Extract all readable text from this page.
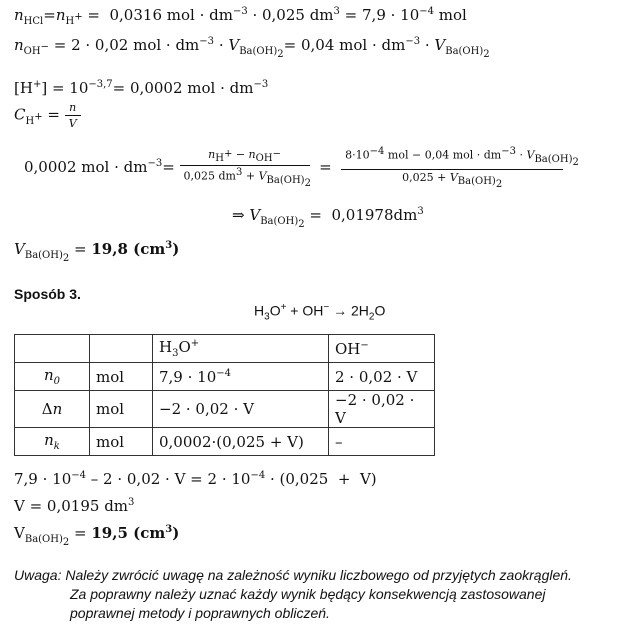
$n_{HCl}=n_{H^+} = 0,0316$ mol · $dm^{-3} \cdot 0,025$ $dm^3 = 7,9 \cdot 10^{-4}$ mol
$n_{OH^-} = 2 \cdot 0,02$ mol · $dm^{-3} \cdot V_{Ba(OH)_2}= 0,04$ mol · $dm^{-3} \cdot V_{Ba(OH)_2}$
$[H^+] = 10^{-3,7}= 0,0002$ mol · $dm^{-3}$
$C_{H^+} = \frac{n}{V}$
0,0002 mol · $dm^{-3}= \frac{n_{H^+} - n_{OH^-}}{0,025 dm^3 + V_{Ba(OH)_2}} = \frac{8\cdot 10^{-4} mol - 0,04 mol \cdot dm^{-3} \cdot V_{Ba(OH)_2}}{0,025 + V_{Ba(OH)_2}}$
⇒ $V_{Ba(OH)_2} = 0,01978dm^3$
$V_{Ba(OH)_2} = 19,8$ $(cm^3)$
Sposób 3.
$H_3O^+ + OH^- \to 2H_2O$
		$H_3O^+$	OH−
$n_0$	mol	$7,9 \cdot 10^{-4}$	2 · 0,02 · V
Δn	mol	−2 · 0,02 · V	−2 · 0,02 · V
$n_k$	mol	0,0002·(0,025 + V)	–
$7,9 \cdot 10^{-4} - 2 \cdot 0,02 \cdot V = 2 \cdot 10^{-4} \cdot (0,025 + V)$
V = 0,0195 $dm^3$
$V_{Ba(OH)_2} = 19,5$ $(cm^3)$
Uwaga: Należy zwrócić uwagę na zależność wyniku liczbowego od przyjętych zaokrągleń.
Za poprawny należy uznać każdy wynik będący konsekwencją zastosowanej
poprawnej metody i poprawnych obliczeń.
